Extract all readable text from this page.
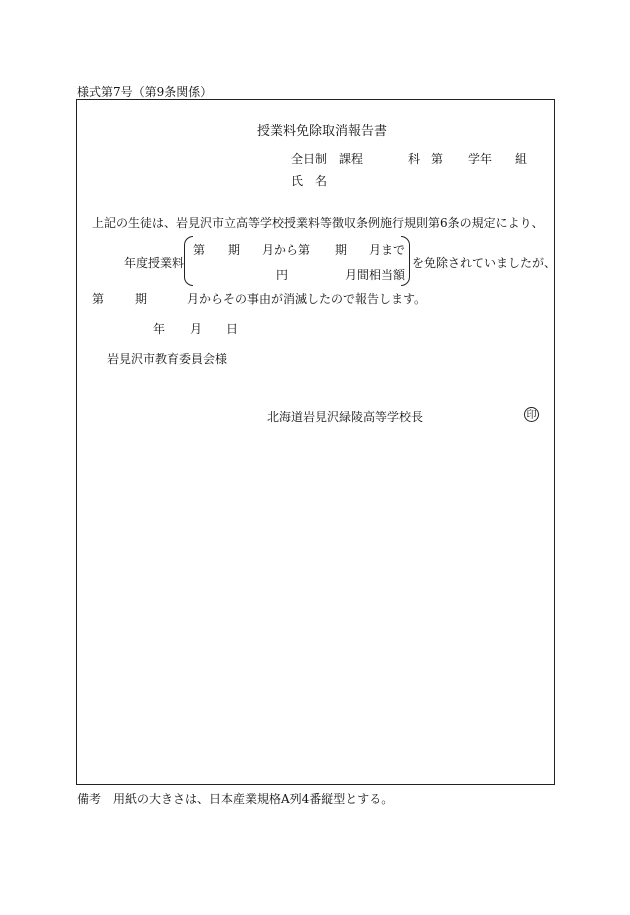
様式第7号（第9条関係）
授業料免除取消報告書
全日制　課程	科 第 学年 組
氏　名
上記の生徒は、岩見沢市立高等学校授業料等徴収条例施行規則第6条の規定により、
年度授業料
第 期 月から第 期 月まで
円	月間相当額
を免除されていましたが、
第	期	月からその事由が消滅したので報告します。
年 月 日
岩見沢市教育委員会様
北海道岩見沢緑陵高等学校長	印
備考　用紙の大きさは、日本産業規格A列4番縦型とする。
